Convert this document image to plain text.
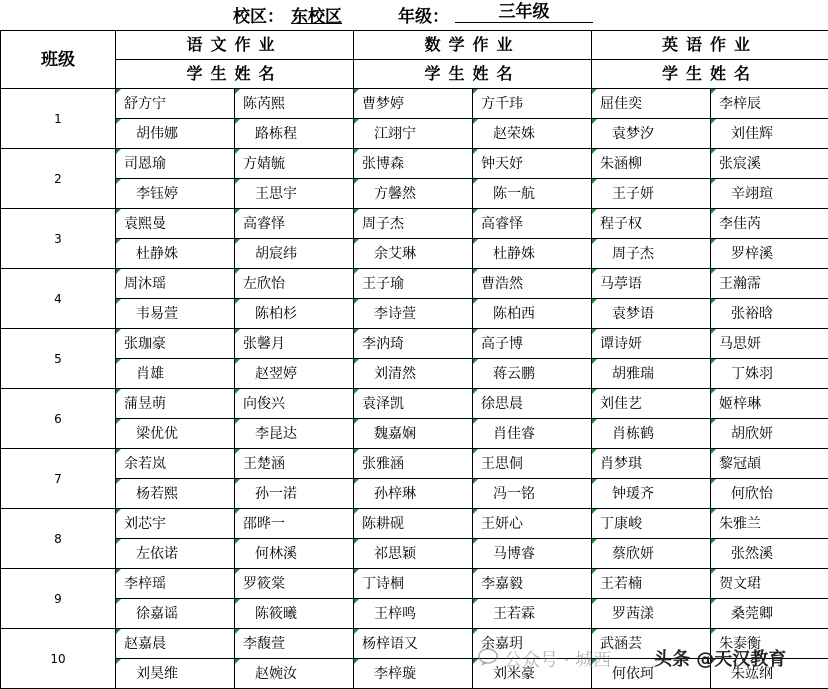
校区： 东校区	年级：	三年级
班级	语文作业		数学作业		英语作业	
	学生姓名		学生姓名		学生姓名	
1	舒方宁	陈芮熙	曹梦婷	方千玮	屈佳奕	李梓辰
	胡伟娜	路栋程	江翊宁	赵荣姝	袁梦汐	刘佳辉
2	司恩瑜	方婧毓	张博森	钟天妤	朱涵柳	张宸溪
	李钰婷	王思宇	方馨然	陈一航	王子妍	辛翊瑄
3	袁熙曼	高睿怿	周子杰	高睿怿	程子权	李佳芮
	杜静姝	胡宸纬	余艾琳	杜静姝	周子杰	罗梓溪
4	周沐瑶	左欣怡	王子瑜	曹浩然	马葶语	王瀚霈
	韦易萱	陈柏杉	李诗萱	陈柏西	袁梦语	张裕晗
5	张珈豪	张馨月	李汭琦	高子博	谭诗妍	马思妍
	肖雄	赵翌婷	刘清然	蒋云鹏	胡雅瑞	丁姝羽
6	蒲昱萌	向俊兴	袁泽凯	徐思晨	刘佳艺	姬梓琳
	梁优优	李昆达	魏嘉娴	肖佳睿	肖栋鹤	胡欣妍
7	余若岚	王楚涵	张雅涵	王思侗	肖梦琪	黎冠頡
	杨若熙	孙一渃	孙梓琳	冯一铭	钟瑗齐	何欣怡
8	刘芯宇	邵晔一	陈耕砚	王妍心	丁康峻	朱雅兰
	左依诺	何林溪	祁思颖	马博睿	蔡欣妍	张然溪
9	李梓瑶	罗筱棠	丁诗桐	李嘉毅	王若楠	贺文珺
	徐嘉谣	陈筱曦	王梓鸣	王若霖	罗茜漾	桑莞卿
10	赵嘉晨	李馥萱	杨梓语又	余嘉玥	武涵芸	朱泰衡
	刘昊维	赵婉汝	李梓璇	刘米豪	何依珂	朱竑纲
公众号 · 城西 头条 @天汉教育
